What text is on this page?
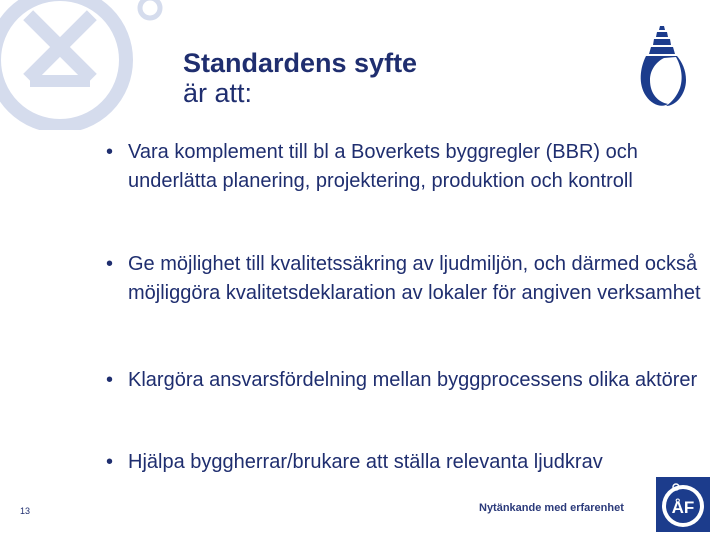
Standardens syfte
är att:
• Vara komplement till bl a Boverkets byggregler (BBR) och underlätta planering, projektering, produktion och kontroll
• Ge möjlighet till kvalitetssäkring av ljudmiljön, och därmed också möjliggöra kvalitetsdeklaration av lokaler för angiven verksamhet
• Klargöra ansvarsfördelning mellan byggprocessens olika aktörer
• Hjälpa byggherrar/brukare att ställa relevanta ljudkrav
13	Nytänkande med erfarenhet	ÅF
